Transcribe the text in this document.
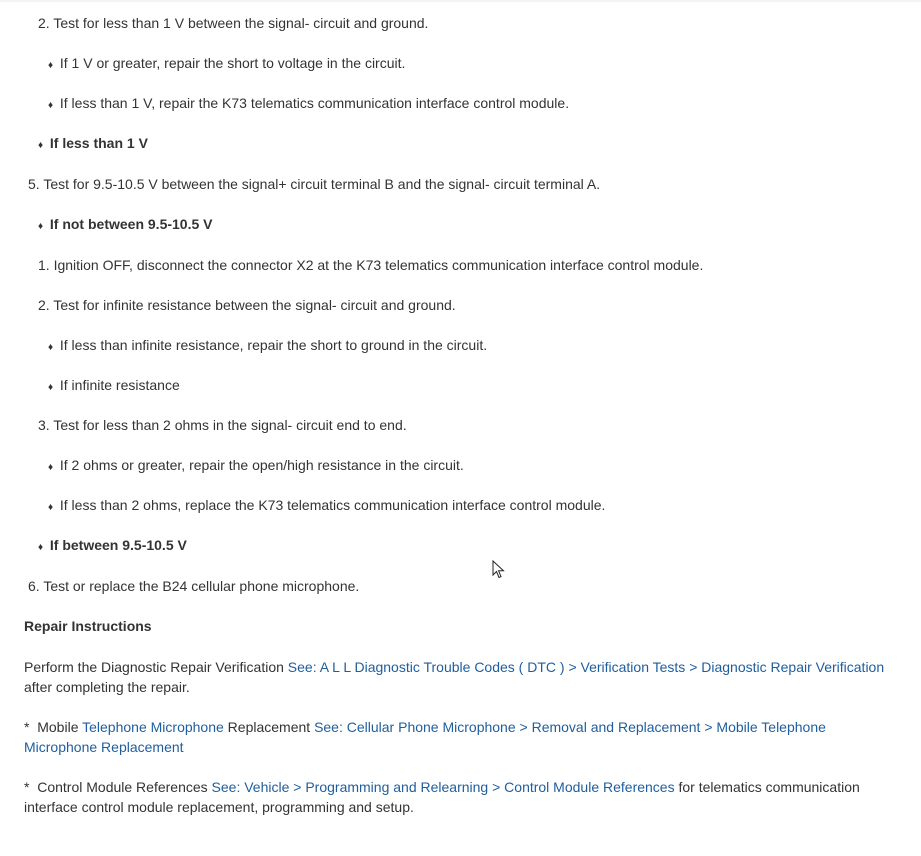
2. Test for less than 1 V between the signal- circuit and ground.
♦ If 1 V or greater, repair the short to voltage in the circuit.
♦ If less than 1 V, repair the K73 telematics communication interface control module.
♦ If less than 1 V
5. Test for 9.5-10.5 V between the signal+ circuit terminal B and the signal- circuit terminal A.
♦ If not between 9.5-10.5 V
1. Ignition OFF, disconnect the connector X2 at the K73 telematics communication interface control module.
2. Test for infinite resistance between the signal- circuit and ground.
♦ If less than infinite resistance, repair the short to ground in the circuit.
♦ If infinite resistance
3. Test for less than 2 ohms in the signal- circuit end to end.
♦ If 2 ohms or greater, repair the open/high resistance in the circuit.
♦ If less than 2 ohms, replace the K73 telematics communication interface control module.
♦ If between 9.5-10.5 V
6. Test or replace the B24 cellular phone microphone.
Repair Instructions
Perform the Diagnostic Repair Verification See: A L L Diagnostic Trouble Codes ( DTC ) > Verification Tests > Diagnostic Repair Verification
after completing the repair.
* Mobile Telephone Microphone Replacement See: Cellular Phone Microphone > Removal and Replacement > Mobile Telephone
Microphone Replacement
* Control Module References See: Vehicle > Programming and Relearning > Control Module References for telematics communication
interface control module replacement, programming and setup.
